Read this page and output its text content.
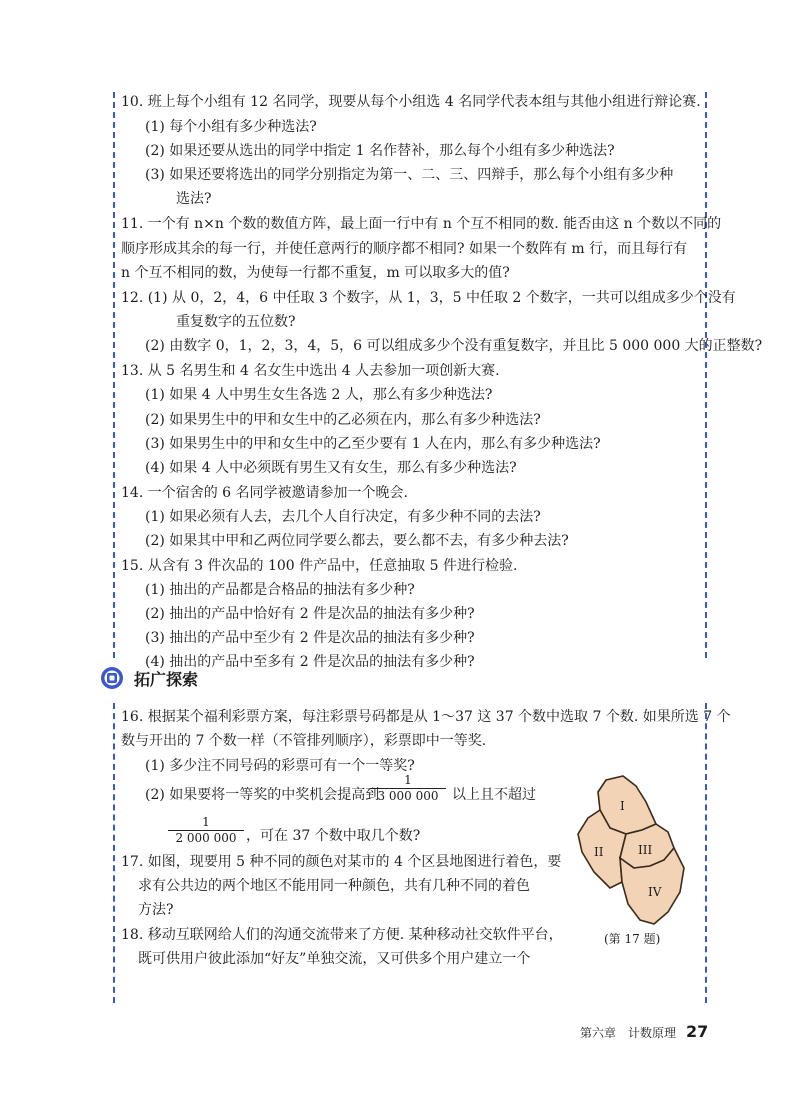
10. 班上每个小组有 12 名同学，现要从每个小组选 4 名同学代表本组与其他小组进行辩论赛.
(1) 每个小组有多少种选法?
(2) 如果还要从选出的同学中指定 1 名作替补，那么每个小组有多少种选法?
(3) 如果还要将选出的同学分别指定为第一、二、三、四辩手，那么每个小组有多少种
选法?
11. 一个有 n×n 个数的数值方阵，最上面一行中有 n 个互不相同的数. 能否由这 n 个数以不同的
顺序形成其余的每一行，并使任意两行的顺序都不相同? 如果一个数阵有 m 行，而且每行有
n 个互不相同的数，为使每一行都不重复，m 可以取多大的值?
12. (1) 从 0，2，4，6 中任取 3 个数字，从 1，3，5 中任取 2 个数字，一共可以组成多少个没有
重复数字的五位数?
(2) 由数字 0，1，2，3，4，5，6 可以组成多少个没有重复数字，并且比 5 000 000 大的正整数?
13. 从 5 名男生和 4 名女生中选出 4 人去参加一项创新大赛.
(1) 如果 4 人中男生女生各选 2 人，那么有多少种选法?
(2) 如果男生中的甲和女生中的乙必须在内，那么有多少种选法?
(3) 如果男生中的甲和女生中的乙至少要有 1 人在内，那么有多少种选法?
(4) 如果 4 人中必须既有男生又有女生，那么有多少种选法?
14. 一个宿舍的 6 名同学被邀请参加一个晚会.
(1) 如果必须有人去，去几个人自行决定，有多少种不同的去法?
(2) 如果其中甲和乙两位同学要么都去，要么都不去，有多少种去法?
15. 从含有 3 件次品的 100 件产品中，任意抽取 5 件进行检验.
(1) 抽出的产品都是合格品的抽法有多少种?
(2) 抽出的产品中恰好有 2 件是次品的抽法有多少种?
(3) 抽出的产品中至少有 2 件是次品的抽法有多少种?
(4) 抽出的产品中至多有 2 件是次品的抽法有多少种?
拓广探索
16. 根据某个福利彩票方案，每注彩票号码都是从 1～37 这 37 个数中选取 7 个数. 如果所选 7 个
数与开出的 7 个数一样（不管排列顺序），彩票即中一等奖.
(1) 多少注不同号码的彩票可有一个一等奖?
(2) 如果要将一等奖的中奖机会提高到
1
3 000 000 以上且不超过
1
2 000 000 ，可在 37 个数中取几个数?
17. 如图，现要用 5 种不同的颜色对某市的 4 个区县地图进行着色，要
求有公共边的两个地区不能用同一种颜色，共有几种不同的着色
方法?
18. 移动互联网给人们的沟通交流带来了方便. 某种移动社交软件平台，
既可供用户彼此添加“好友”单独交流，又可供多个用户建立一个
I
II	III
IV
(第 17 题)
第六章 计数原理 27
